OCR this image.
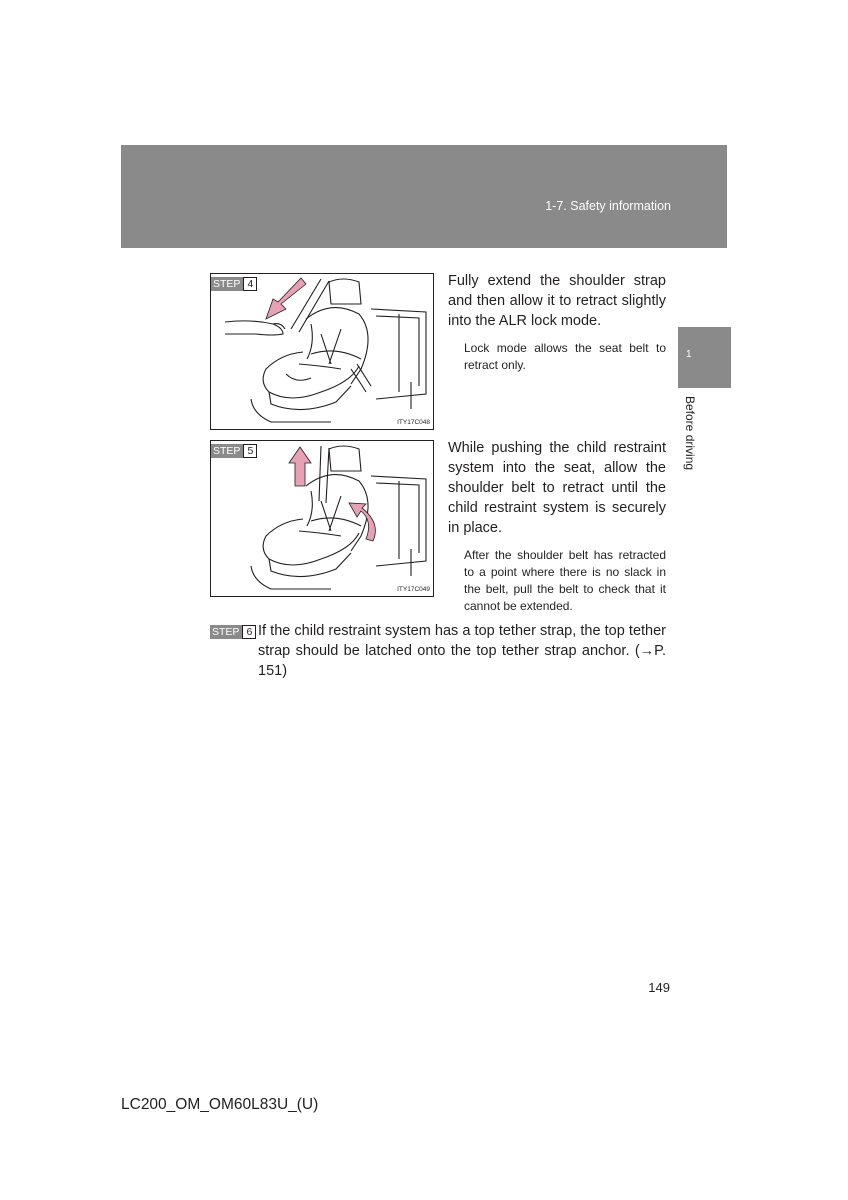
1-7. Safety information
1
Before driving
STEP 4
ITY17C048
Fully extend the shoulder strap and then allow it to retract slightly into the ALR lock mode.
Lock mode allows the seat belt to retract only.
STEP 5
ITY17C049
While pushing the child restraint system into the seat, allow the shoulder belt to retract until the child restraint system is securely in place.
After the shoulder belt has retracted to a point where there is no slack in the belt, pull the belt to check that it cannot be extended.
STEP 6 If the child restraint system has a top tether strap, the top tether strap should be latched onto the top tether strap anchor. (→P. 151)
149
LC200_OM_OM60L83U_(U)
